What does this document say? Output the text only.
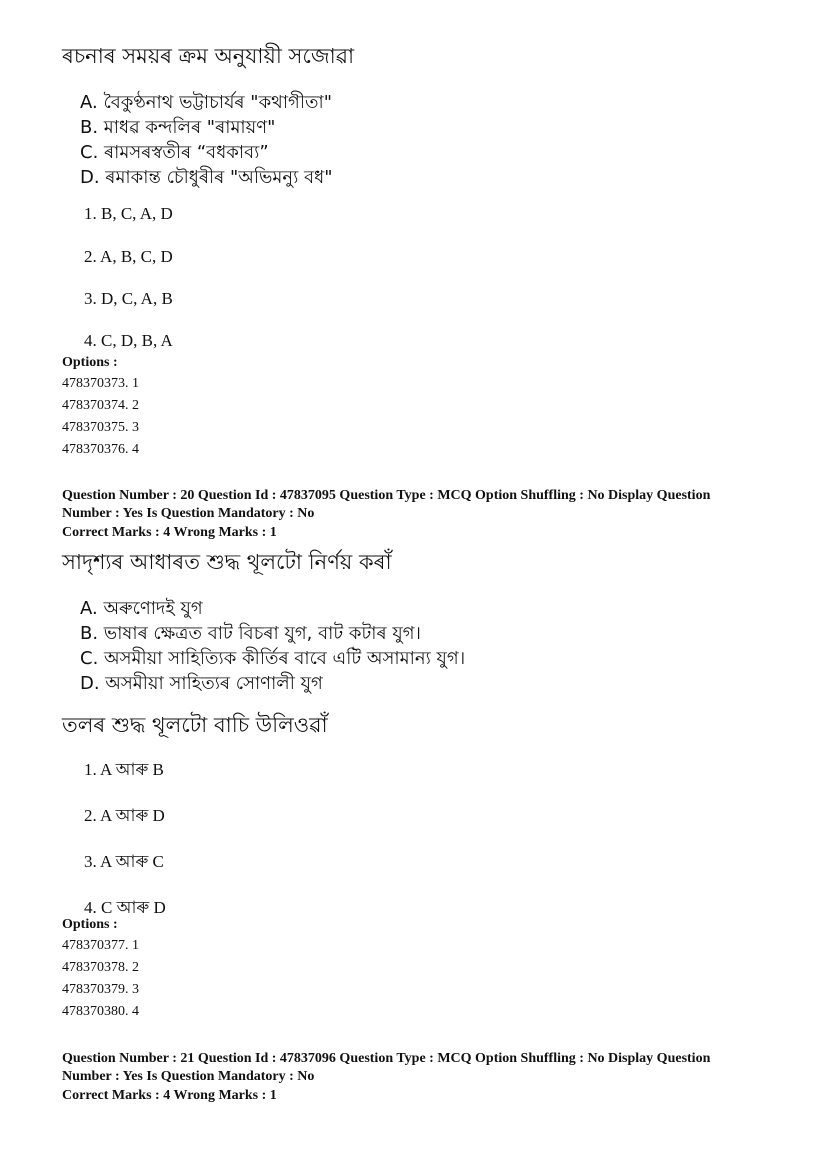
ৰচনাৰ সময়ৰ ক্ৰম অনুযায়ী সজোৱা
A. বৈকুণ্ঠনাথ ভট্টাচাৰ্যৰ "কথাগীতা"
B. মাধৱ কন্দলিৰ "ৰামায়ণ"
C. ৰামসৰস্বতীৰ “বধকাব্য”
D. ৰমাকান্ত চৌধুৰীৰ "অভিমন্যু বধ"
1. B, C, A, D
2. A, B, C, D
3. D, C, A, B
4. C, D, B, A
Options :
478370373. 1
478370374. 2
478370375. 3
478370376. 4
Question Number : 20 Question Id : 47837095 Question Type : MCQ Option Shuffling : No Display Question
Number : Yes Is Question Mandatory : No
Correct Marks : 4 Wrong Marks : 1
সাদৃশ্যৰ আধাৰত শুদ্ধ থূলটো নিৰ্ণয় কৰাঁ
A. অৰুণোদই যুগ
B. ভাষাৰ ক্ষেত্ৰত বাট বিচৰা যুগ, বাট কটাৰ যুগ।
C. অসমীয়া সাহিত্যিক কীৰ্তিৰ বাবে এটি অসামান্য যুগ।
D. অসমীয়া সাহিত্যৰ সোণালী যুগ
তলৰ শুদ্ধ থূলটো বাচি উলিওৱাঁ
1. A আৰু B
2. A আৰু D
3. A আৰু C
4. C আৰু D
Options :
478370377. 1
478370378. 2
478370379. 3
478370380. 4
Question Number : 21 Question Id : 47837096 Question Type : MCQ Option Shuffling : No Display Question
Number : Yes Is Question Mandatory : No
Correct Marks : 4 Wrong Marks : 1
